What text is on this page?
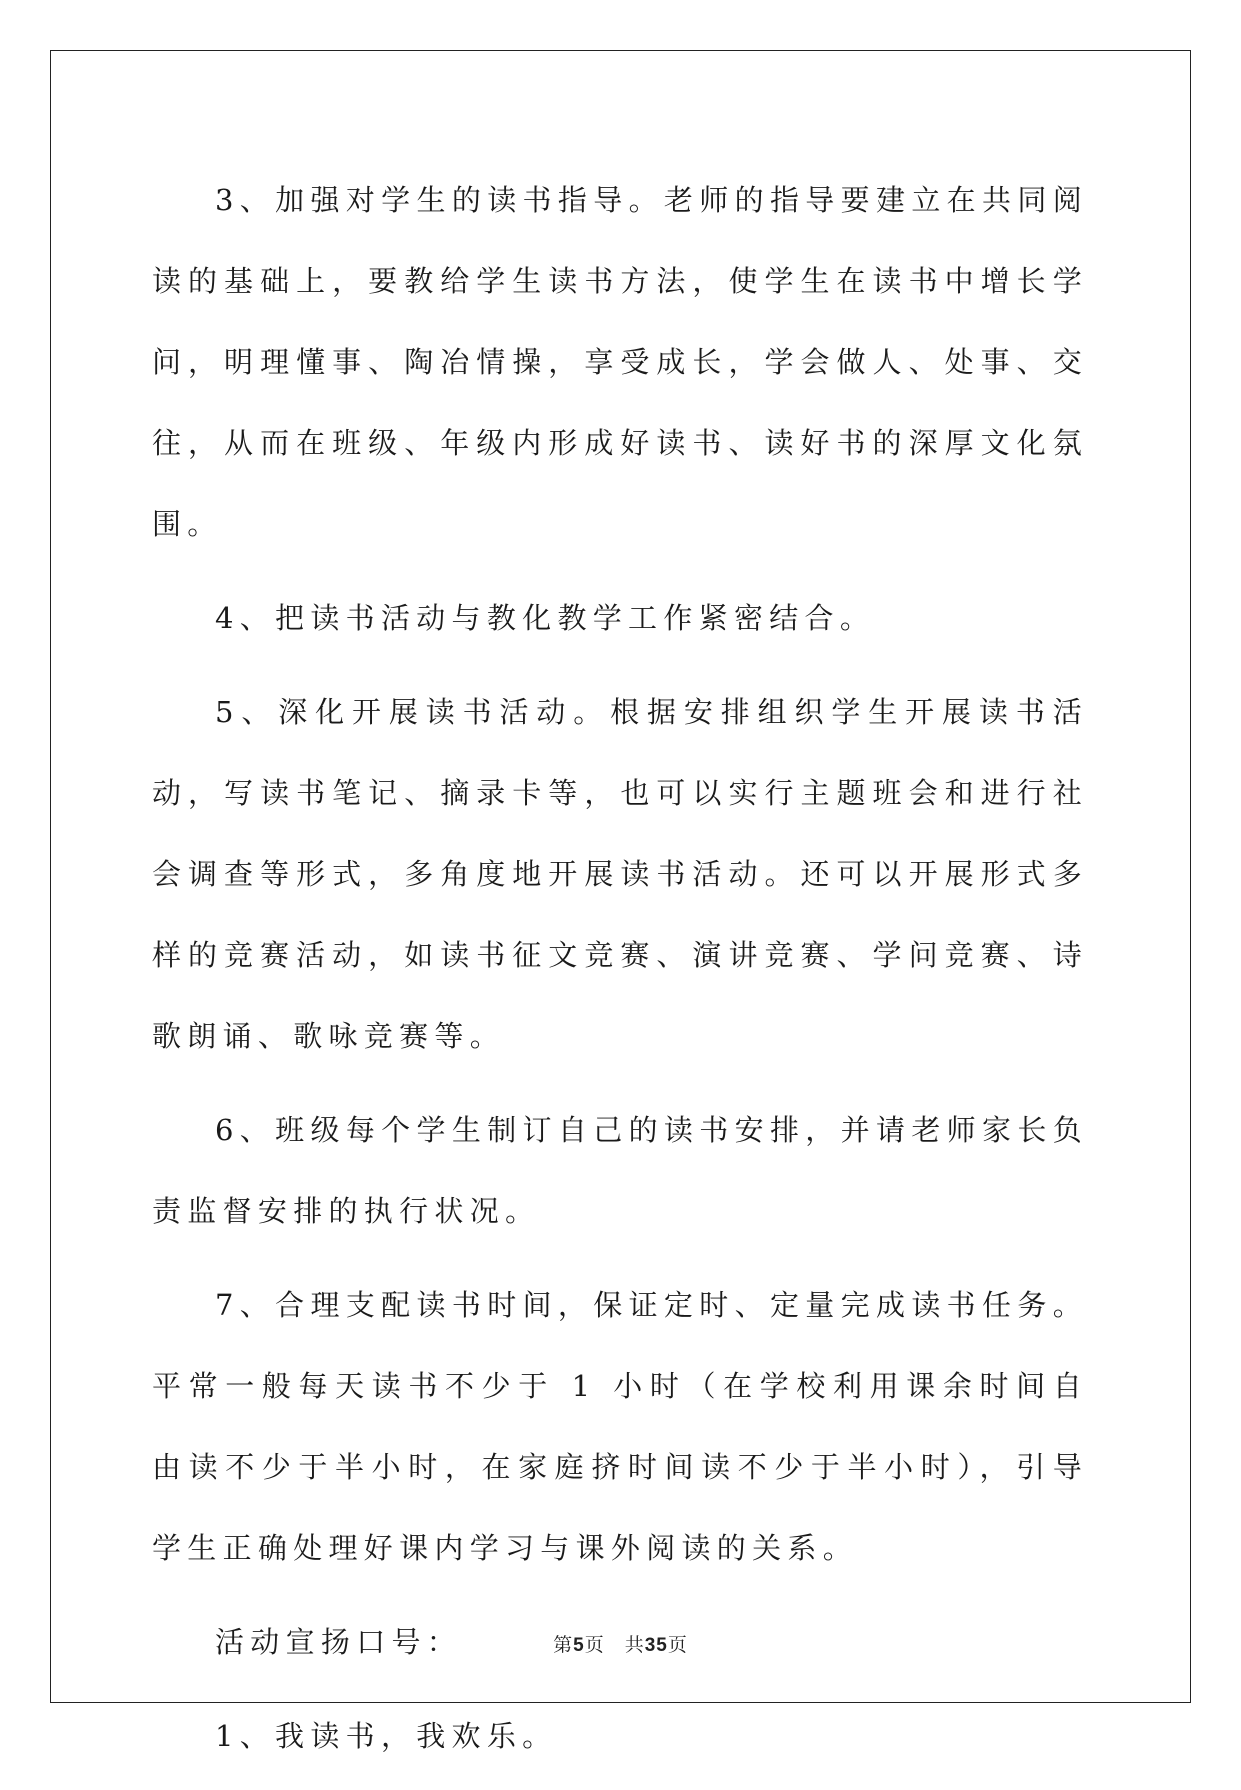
3、加强对学生的读书指导。老师的指导要建立在共同阅读的基础上，要教给学生读书方法，使学生在读书中增长学问，明理懂事、陶冶情操，享受成长，学会做人、处事、交往，从而在班级、年级内形成好读书、读好书的深厚文化氛围。

4、把读书活动与教化教学工作紧密结合。

5、深化开展读书活动。根据安排组织学生开展读书活动，写读书笔记、摘录卡等，也可以实行主题班会和进行社会调查等形式，多角度地开展读书活动。还可以开展形式多样的竞赛活动，如读书征文竞赛、演讲竞赛、学问竞赛、诗歌朗诵、歌咏竞赛等。

6、班级每个学生制订自己的读书安排，并请老师家长负责监督安排的执行状况。

7、合理支配读书时间，保证定时、定量完成读书任务。平常一般每天读书不少于 1 小时（在学校利用课余时间自由读不少于半小时，在家庭挤时间读不少于半小时），引导学生正确处理好课内学习与课外阅读的关系。

活动宣扬口号：

1、我读书，我欢乐。

第5页 共35页
